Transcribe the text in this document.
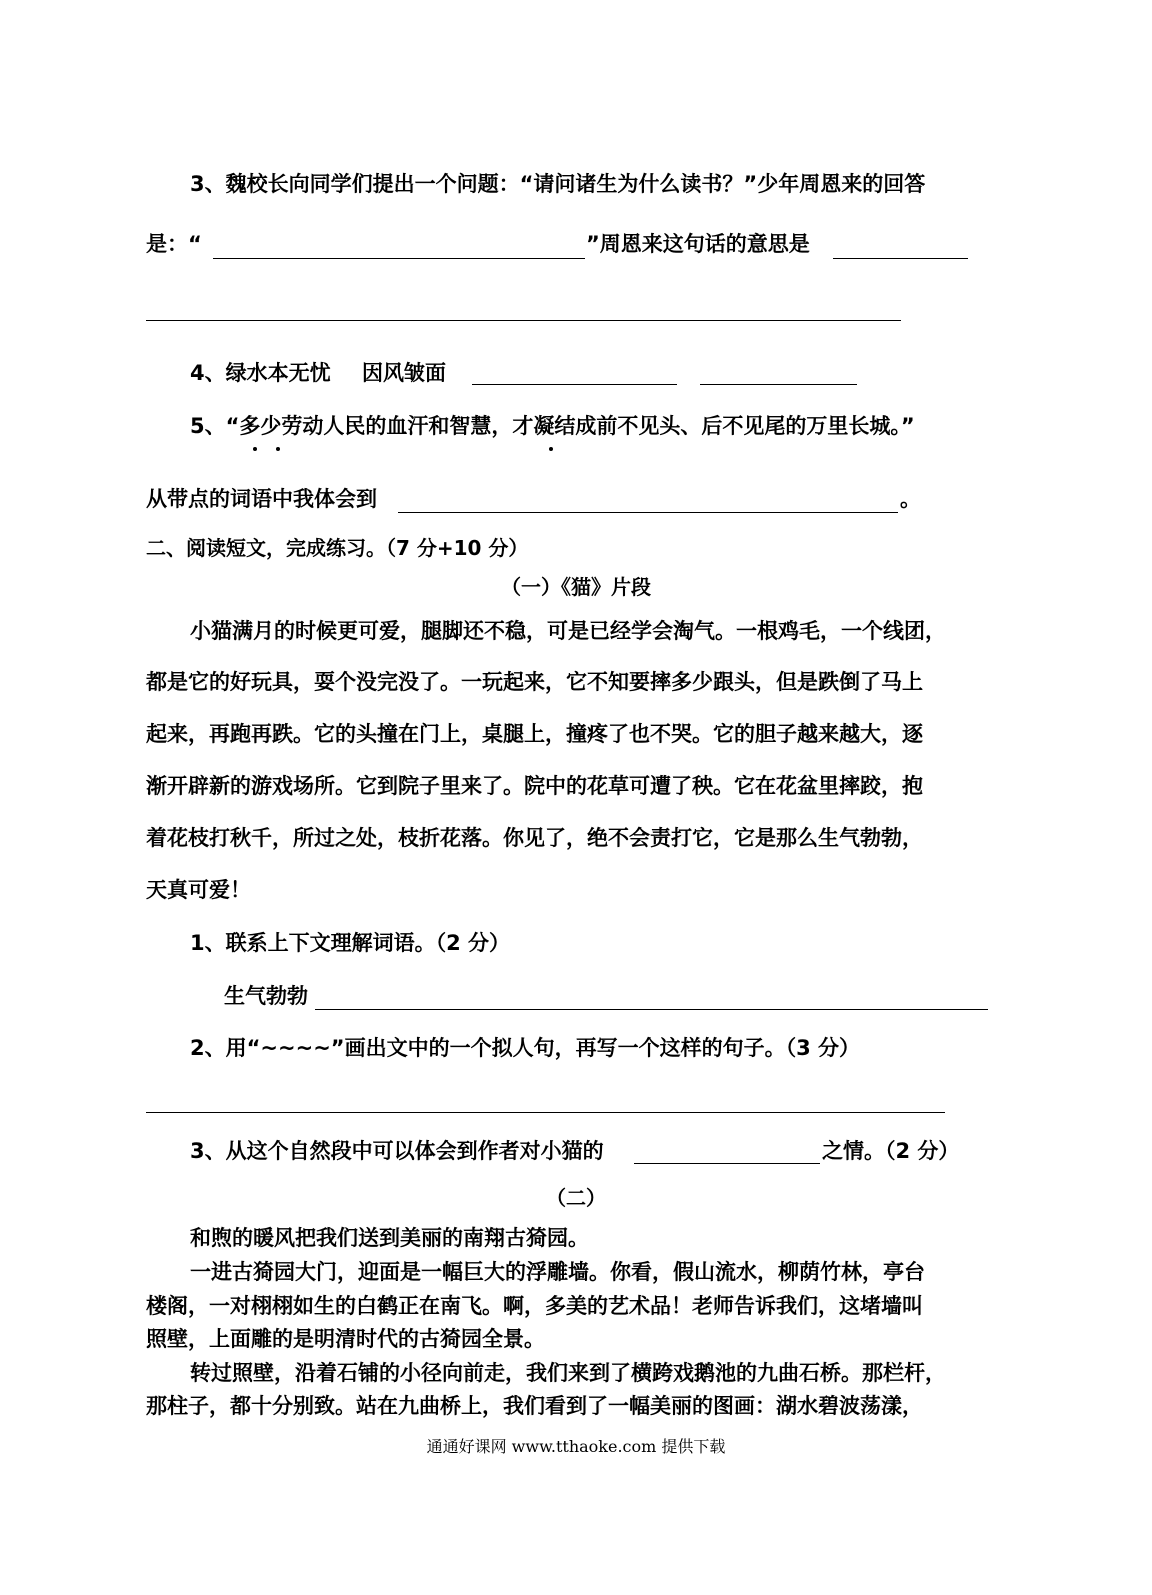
3、魏校长向同学们提出一个问题：“请问诸生为什么读书？”少年周恩来的回答
是：“	”周恩来这句话的意思是
4、绿水本无忧 因风皱面
5、“多少劳动人民的血汗和智慧，才凝结成前不见头、后不见尾的万里长城。”
从带点的词语中我体会到	。
二、阅读短文，完成练习。（7 分+10 分）
（一）《猫》片段
小猫满月的时候更可爱，腿脚还不稳，可是已经学会淘气。一根鸡毛，一个线团，
都是它的好玩具，耍个没完没了。一玩起来，它不知要摔多少跟头，但是跌倒了马上
起来，再跑再跌。它的头撞在门上，桌腿上，撞疼了也不哭。它的胆子越来越大，逐
渐开辟新的游戏场所。它到院子里来了。院中的花草可遭了秧。它在花盆里摔跤，抱
着花枝打秋千，所过之处，枝折花落。你见了，绝不会责打它，它是那么生气勃勃，
天真可爱！
1、联系上下文理解词语。（2 分）
生气勃勃
2、用“~~~~”画出文中的一个拟人句，再写一个这样的句子。（3 分）
3、从这个自然段中可以体会到作者对小猫的	之情。（2 分）
（二）
和煦的暖风把我们送到美丽的南翔古猗园。
一进古猗园大门，迎面是一幅巨大的浮雕墙。你看，假山流水，柳荫竹林，亭台
楼阁，一对栩栩如生的白鹤正在南飞。啊，多美的艺术品！老师告诉我们，这堵墙叫
照壁，上面雕的是明清时代的古猗园全景。
转过照壁，沿着石铺的小径向前走，我们来到了横跨戏鹅池的九曲石桥。那栏杆，
那柱子，都十分别致。站在九曲桥上，我们看到了一幅美丽的图画：湖水碧波荡漾，
通通好课网 www.tthaoke.com 提供下载
